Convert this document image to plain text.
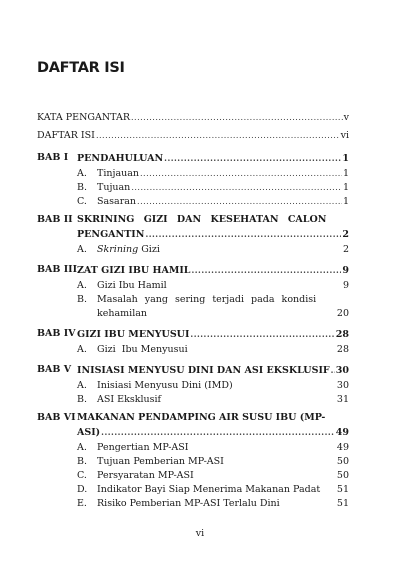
DAFTAR ISI
KATA PENGANTAR .....	v
DAFTAR ISI .....	vi
BAB I PENDAHULUAN .....	1
A. Tinjauan .....	1
B. Tujuan .....	1
C. Sasaran .....	1
BAB II SKRINING GIZI DAN KESEHATAN CALON
PENGANTIN .....	2
A. Skrining Gizi	2
BAB III ZAT GIZI IBU HAMIL .....	9
A. Gizi Ibu Hamil	9
B. Masalah yang sering terjadi pada kondisi
kehamilan	20
BAB IV GIZI IBU MENYUSUI .....	28
A. Gizi  Ibu Menyusui	28
BAB V INISIASI MENYUSU DINI DAN ASI EKSKLUSIF ..... 30
A. Inisiasi Menyusu Dini (IMD)	30
B. ASI Eksklusif	31
BAB VI MAKANAN PENDAMPING AIR SUSU IBU (MP-
ASI) .....	49
A. Pengertian MP-ASI	49
B. Tujuan Pemberian MP-ASI	50
C. Persyaratan MP-ASI	50
D. Indikator Bayi Siap Menerima Makanan Padat 51
E. Risiko Pemberian MP-ASI Terlalu Dini	51
vi
